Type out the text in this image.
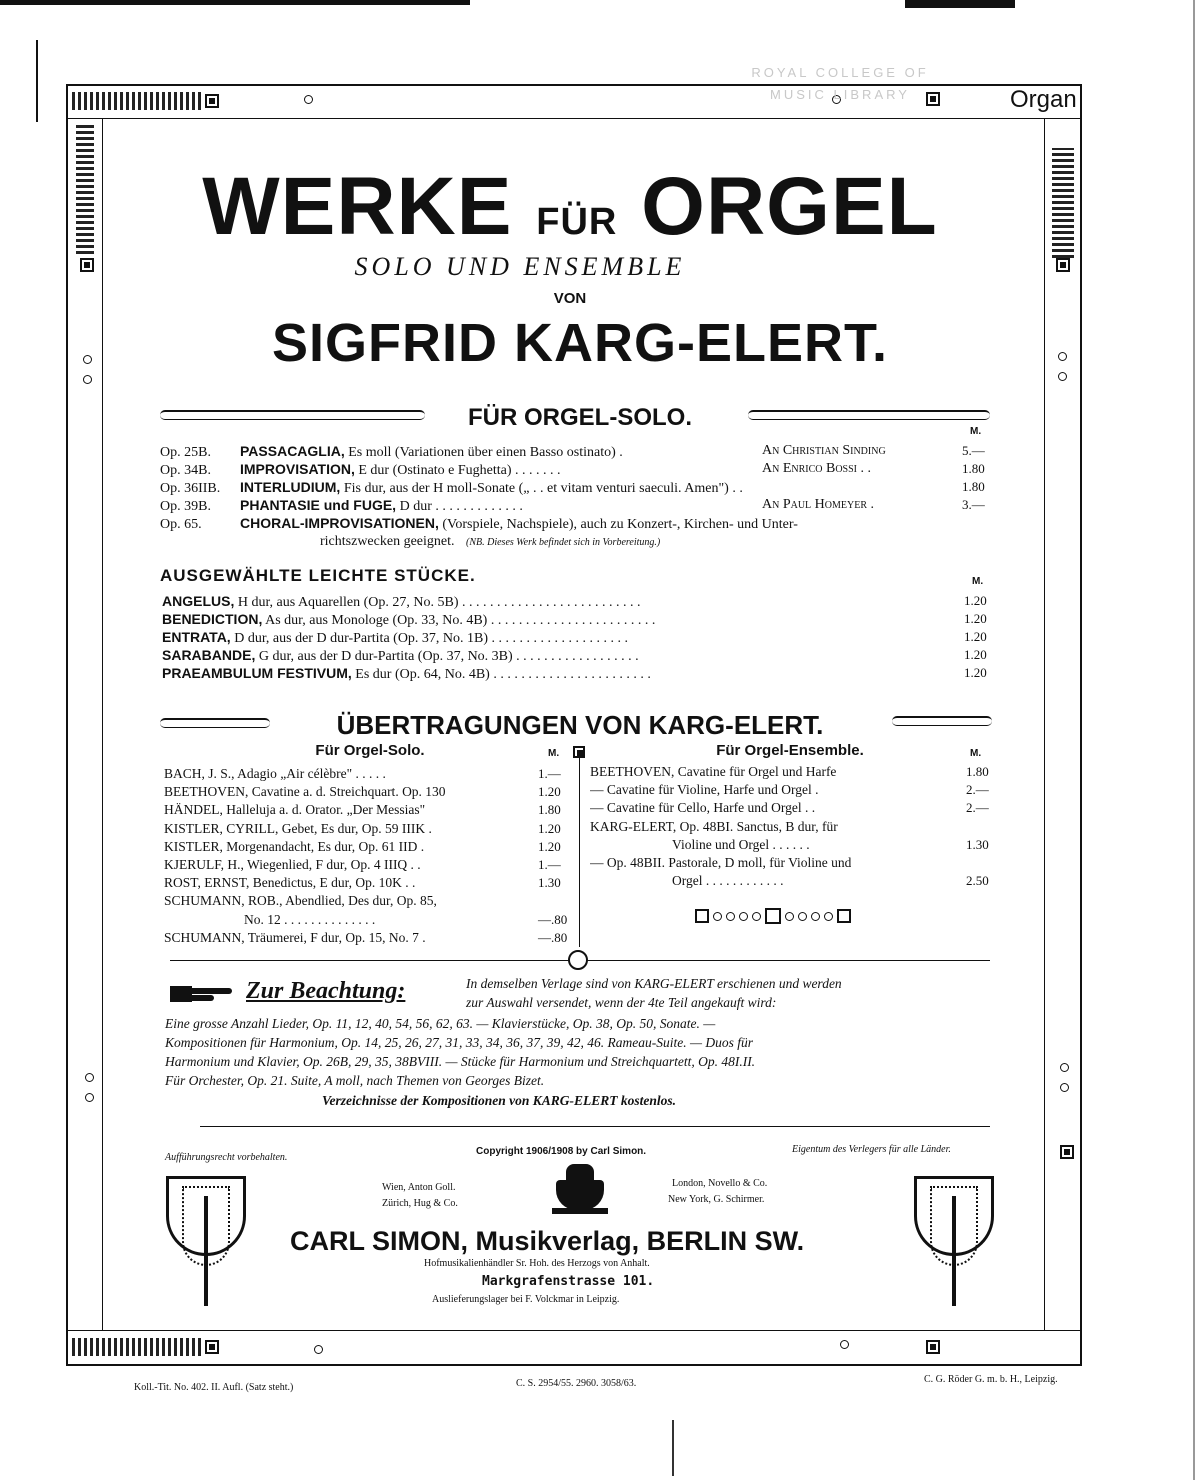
Organ
ROYAL COLLEGE OF MUSIC LIBRARY
WERKE FÜR ORGEL
SOLO UND ENSEMBLE
VON
SIGFRID KARG-ELERT.
FÜR ORGEL-SOLO.
M.
Op. 25B. PASSACAGLIA, Es moll (Variationen über einen Basso ostinato) .	An Christian Sinding	5.—
Op. 34B. IMPROVISATION, E dur (Ostinato e Fughetta) . . . . . . .	An Enrico Bossi . .	1.80
Op. 36IIB. INTERLUDIUM, Fis dur, aus der H moll-Sonate („ . . et vitam venturi saeculi. Amen") . .	1.80
Op. 39B. PHANTASIE und FUGE, D dur . . . . . . . . . . . . .	An Paul Homeyer .	3.—
Op. 65.	CHORAL-IMPROVISATIONEN, (Vorspiele, Nachspiele), auch zu Konzert-, Kirchen- und Unter-
richtszwecken geeignet. (NB. Dieses Werk befindet sich in Vorbereitung.)
AUSGEWÄHLTE LEICHTE STÜCKE.	M.
ANGELUS, H dur, aus Aquarellen (Op. 27, No. 5B) . . . . . . . . . . . . . . . . . . . . . . . . . .	1.20
BENEDICTION, As dur, aus Monologe (Op. 33, No. 4B) . . . . . . . . . . . . . . . . . . . . . . . .	1.20
ENTRATA, D dur, aus der D dur-Partita (Op. 37, No. 1B) . . . . . . . . . . . . . . . . . . . .	1.20
SARABANDE, G dur, aus der D dur-Partita (Op. 37, No. 3B) . . . . . . . . . . . . . . . . . .	1.20
PRAEAMBULUM FESTIVUM, Es dur (Op. 64, No. 4B) . . . . . . . . . . . . . . . . . . . . . . .	1.20
ÜBERTRAGUNGEN VON KARG-ELERT.
Für Orgel-Solo.	M.	Für Orgel-Ensemble.	M.
BACH, J. S., Adagio „Air célèbre" . . . . .	1.—
BEETHOVEN, Cavatine a. d. Streichquart. Op. 130	1.20
HÄNDEL, Halleluja a. d. Orator. „Der Messias"	1.80
KISTLER, CYRILL, Gebet, Es dur, Op. 59 IIIK .	1.20
KISTLER, Morgenandacht, Es dur, Op. 61 IID .	1.20
KJERULF, H., Wiegenlied, F dur, Op. 4 IIIQ . .	1.—
ROST, ERNST, Benedictus, E dur, Op. 10K . .	1.30
SCHUMANN, ROB., Abendlied, Des dur, Op. 85,
No. 12 . . . . . . . . . . . . . .	—.80
SCHUMANN, Träumerei, F dur, Op. 15, No. 7 .	—.80
BEETHOVEN, Cavatine für Orgel und Harfe	1.80
— Cavatine für Violine, Harfe und Orgel .	2.—
— Cavatine für Cello, Harfe und Orgel . .	2.—
KARG-ELERT, Op. 48BI. Sanctus, B dur, für
Violine und Orgel . . . . . .	1.30
— Op. 48BII. Pastorale, D moll, für Violine und
Orgel . . . . . . . . . . . .	2.50
Zur Beachtung:	In demselben Verlage sind von KARG-ELERT erschienen und werden
zur Auswahl versendet, wenn der 4te Teil angekauft wird:
Eine grosse Anzahl Lieder, Op. 11, 12, 40, 54, 56, 62, 63. — Klavierstücke, Op. 38, Op. 50, Sonate. —
Kompositionen für Harmonium, Op. 14, 25, 26, 27, 31, 33, 34, 36, 37, 39, 42, 46. Rameau-Suite. — Duos für
Harmonium und Klavier, Op. 26B, 29, 35, 38BVIII. — Stücke für Harmonium und Streichquartett, Op. 48I.II.
Für Orchester, Op. 21. Suite, A moll, nach Themen von Georges Bizet.
Verzeichnisse der Kompositionen von KARG-ELERT kostenlos.
Aufführungsrecht vorbehalten.
Copyright 1906/1908 by Carl Simon.	Eigentum des Verlegers für alle Länder.
Wien, Anton Goll.
Zürich, Hug & Co.
London, Novello & Co.
New York, G. Schirmer.
CARL SIMON, Musikverlag, BERLIN SW.
Hofmusikalienhändler Sr. Hoh. des Herzogs von Anhalt.
Markgrafenstrasse 101.
Auslieferungslager bei F. Volckmar in Leipzig.
Koll.-Tit. No. 402. II. Aufl. (Satz steht.)	C. S. 2954/55. 2960. 3058/63.	C. G. Röder G. m. b. H., Leipzig.
